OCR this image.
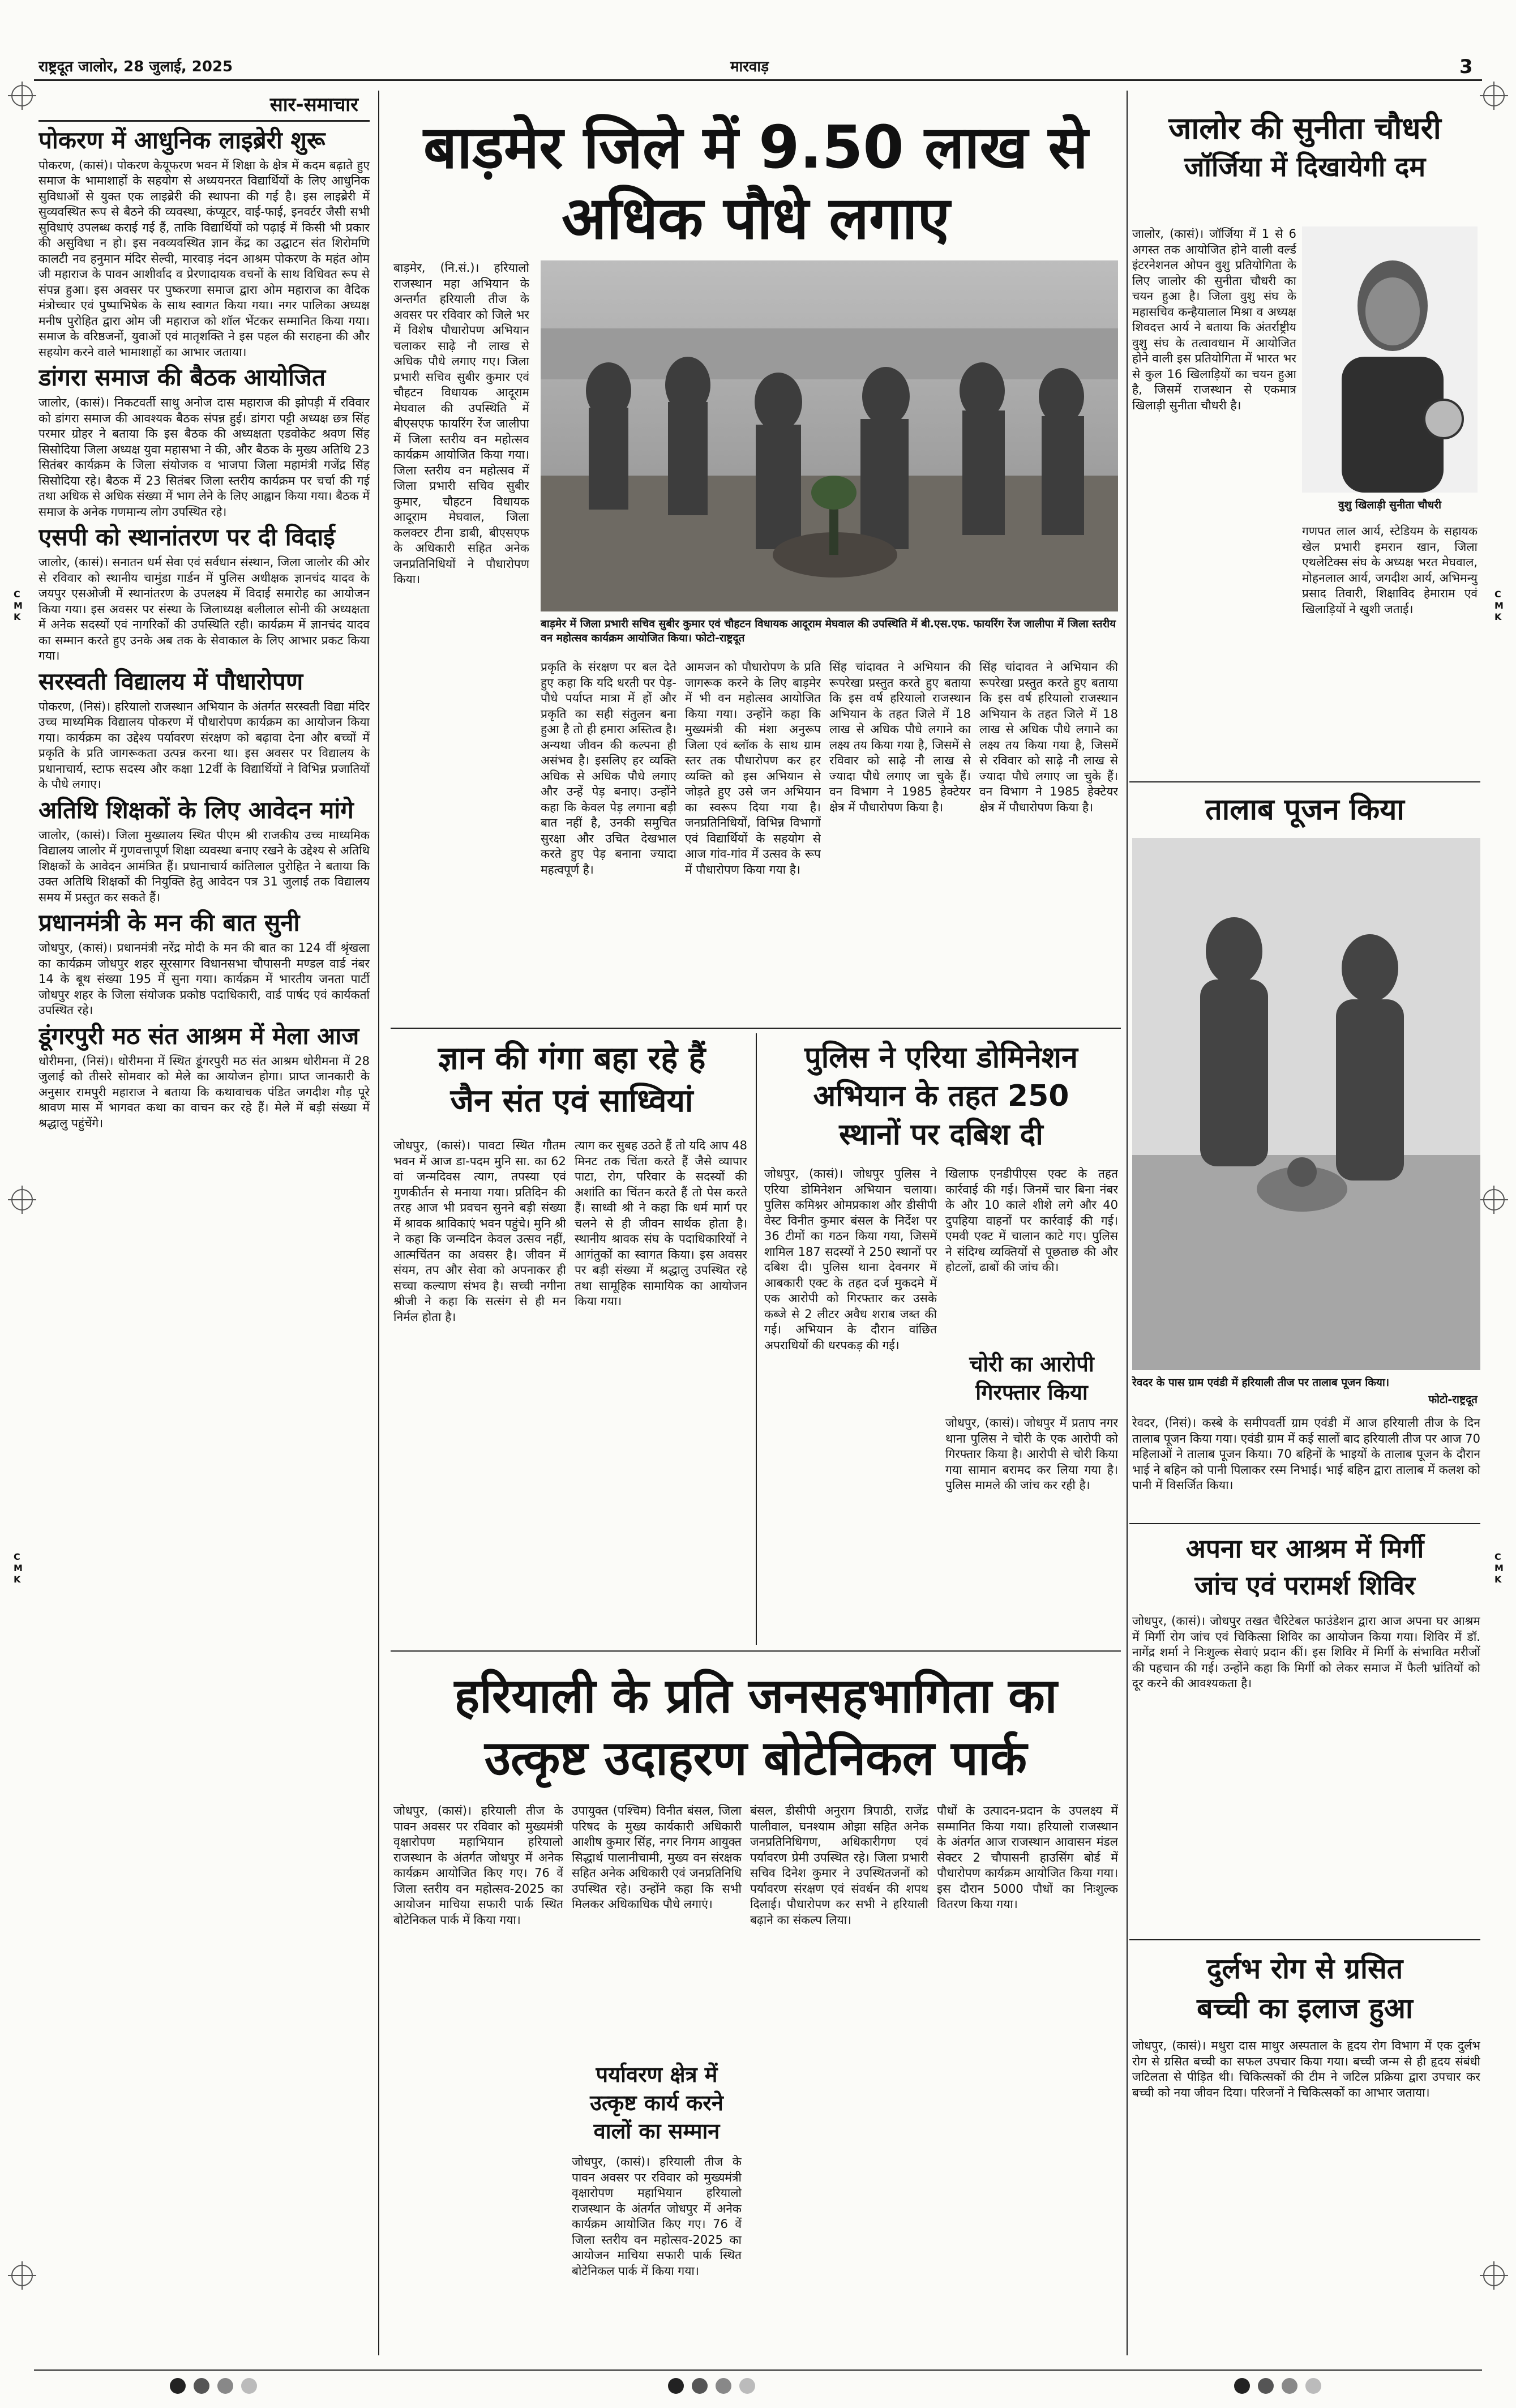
राष्ट्रदूत जालोर, 28 जुलाई, 2025	मारवाड़	3
C M K
C M K
C M K
C M K
सार-समाचार
पोकरण में आधुनिक लाइब्रेरी शुरू

पोकरण, (कासं)। पोकरण केयूफरण भवन में शिक्षा के क्षेत्र में कदम बढ़ाते हुए समाज के भामाशाहों के सहयोग से अध्ययनरत विद्यार्थियों के लिए आधुनिक सुविधाओं से युक्त एक लाइब्रेरी की स्थापना की गई है। इस लाइब्रेरी में सुव्यवस्थित रूप से बैठने की व्यवस्था, कंप्यूटर, वाई-फाई, इनवर्टर जैसी सभी सुविधाएं उपलब्ध कराई गई हैं, ताकि विद्यार्थियों को पढ़ाई में किसी भी प्रकार की असुविधा न हो। इस नवव्यवस्थित ज्ञान केंद्र का उद्घाटन संत शिरोमणि कालटी नव हनुमान मंदिर सेल्वी, मारवाड़ नंदन आश्रम पोकरण के महंत ओम जी महाराज के पावन आशीर्वाद व प्रेरणादायक वचनों के साथ विधिवत रूप से संपन्न हुआ। इस अवसर पर पुष्करणा समाज द्वारा ओम महाराज का वैदिक मंत्रोच्चार एवं पुष्पाभिषेक के साथ स्वागत किया गया। नगर पालिका अध्यक्ष मनीष पुरोहित द्वारा ओम जी महाराज को शॉल भेंटकर सम्मानित किया गया। समाज के वरिष्ठजनों, युवाओं एवं मातृशक्ति ने इस पहल की सराहना की और सहयोग करने वाले भामाशाहों का आभार जताया।

डांगरा समाज की बैठक आयोजित

जालोर, (कासं)। निकटवर्ती साथु अनोज दास महाराज की झोपड़ी में रविवार को डांगरा समाज की आवश्यक बैठक संपन्न हुई। डांगरा पट्टी अध्यक्ष छत्र सिंह परमार ग्रोहर ने बताया कि इस बैठक की अध्यक्षता एडवोकेट श्रवण सिंह सिसोदिया जिला अध्यक्ष युवा महासभा ने की, और बैठक के मुख्य अतिथि 23 सितंबर कार्यक्रम के जिला संयोजक व भाजपा जिला महामंत्री गजेंद्र सिंह सिसोदिया रहे। बैठक में 23 सितंबर जिला स्तरीय कार्यक्रम पर चर्चा की गई तथा अधिक से अधिक संख्या में भाग लेने के लिए आह्वान किया गया। बैठक में समाज के अनेक गणमान्य लोग उपस्थित रहे।

एसपी को स्थानांतरण पर दी विदाई

जालोर, (कासं)। सनातन धर्म सेवा एवं सर्वधान संस्थान, जिला जालोर की ओर से रविवार को स्थानीय चामुंडा गार्डन में पुलिस अधीक्षक ज्ञानचंद यादव के जयपुर एसओजी में स्थानांतरण के उपलक्ष्य में विदाई समारोह का आयोजन किया गया। इस अवसर पर संस्था के जिलाध्यक्ष बलीलाल सोनी की अध्यक्षता में अनेक सदस्यों एवं नागरिकों की उपस्थिति रही। कार्यक्रम में ज्ञानचंद यादव का सम्मान करते हुए उनके अब तक के सेवाकाल के लिए आभार प्रकट किया गया।

सरस्वती विद्यालय में पौधारोपण

पोकरण, (निसं)। हरियालो राजस्थान अभियान के अंतर्गत सरस्वती विद्या मंदिर उच्च माध्यमिक विद्यालय पोकरण में पौधारोपण कार्यक्रम का आयोजन किया गया। कार्यक्रम का उद्देश्य पर्यावरण संरक्षण को बढ़ावा देना और बच्चों में प्रकृति के प्रति जागरूकता उत्पन्न करना था। इस अवसर पर विद्यालय के प्रधानाचार्य, स्टाफ सदस्य और कक्षा 12वीं के विद्यार्थियों ने विभिन्न प्रजातियों के पौधे लगाए।

अतिथि शिक्षकों के लिए आवेदन मांगे

जालोर, (कासं)। जिला मुख्यालय स्थित पीएम श्री राजकीय उच्च माध्यमिक विद्यालय जालोर में गुणवत्तापूर्ण शिक्षा व्यवस्था बनाए रखने के उद्देश्य से अतिथि शिक्षकों के आवेदन आमंत्रित हैं। प्रधानाचार्य कांतिलाल पुरोहित ने बताया कि उक्त अतिथि शिक्षकों की नियुक्ति हेतु आवेदन पत्र 31 जुलाई तक विद्यालय समय में प्रस्तुत कर सकते हैं।

प्रधानमंत्री के मन की बात सुनी

जोधपुर, (कासं)। प्रधानमंत्री नरेंद्र मोदी के मन की बात का 124 वीं श्रृंखला का कार्यक्रम जोधपुर शहर सूरसागर विधानसभा चौपासनी मण्डल वार्ड नंबर 14 के बूथ संख्या 195 में सुना गया। कार्यक्रम में भारतीय जनता पार्टी जोधपुर शहर के जिला संयोजक प्रकोष्ठ पदाधिकारी, वार्ड पार्षद एवं कार्यकर्ता उपस्थित रहे।

डूंगरपुरी मठ संत आश्रम में मेला आज

धोरीमना, (निसं)। धोरीमना में स्थित डूंगरपुरी मठ संत आश्रम धोरीमना में 28 जुलाई को तीसरे सोमवार को मेले का आयोजन होगा। प्राप्त जानकारी के अनुसार रामपुरी महाराज ने बताया कि कथावाचक पंडित जगदीश गौड़ पूरे श्रावण मास में भागवत कथा का वाचन कर रहे हैं। मेले में बड़ी संख्या में श्रद्धालु पहुंचेंगे।

बाड़मेर जिले में 9.50 लाख से
अधिक पौधे लगाए

बाड़मेर, (नि.सं.)। हरियालो राजस्थान महा अभियान के अन्तर्गत हरियाली तीज के अवसर पर रविवार को जिले भर में विशेष पौधारोपण अभियान चलाकर साढ़े नौ लाख से अधिक पौधे लगाए गए। जिला प्रभारी सचिव सुबीर कुमार एवं चौहटन विधायक आदूराम मेघवाल की उपस्थिति में बीएसएफ फायरिंग रेंज जालीपा में जिला स्तरीय वन महोत्सव कार्यक्रम आयोजित किया गया। जिला स्तरीय वन महोत्सव में जिला प्रभारी सचिव सुबीर कुमार, चौहटन विधायक आदूराम मेघवाल, जिला कलक्टर टीना डाबी, बीएसएफ के अधिकारी सहित अनेक जनप्रतिनिधियों ने पौधारोपण किया।

बाड़मेर में जिला प्रभारी सचिव सुबीर कुमार एवं चौहटन विधायक आदूराम मेघवाल की उपस्थिति में बी.एस.एफ. फायरिंग रेंज जालीपा में जिला स्तरीय वन महोत्सव कार्यक्रम आयोजित किया। फोटो-राष्ट्रदूत

प्रकृति के संरक्षण पर बल देते हुए कहा कि यदि धरती पर पेड़-पौधे पर्याप्त मात्रा में हों और प्रकृति का सही संतुलन बना हुआ है तो ही हमारा अस्तित्व है। अन्यथा जीवन की कल्पना ही असंभव है। इसलिए हर व्यक्ति अधिक से अधिक पौधे लगाए और उन्हें पेड़ बनाए। उन्होंने कहा कि केवल पेड़ लगाना बड़ी बात नहीं है, उनकी समुचित सुरक्षा और उचित देखभाल करते हुए पेड़ बनाना ज्यादा महत्वपूर्ण है।

आमजन को पौधारोपण के प्रति जागरूक करने के लिए बाड़मेर में भी वन महोत्सव आयोजित किया गया। उन्होंने कहा कि मुख्यमंत्री की मंशा अनुरूप जिला एवं ब्लॉक के साथ ग्राम स्तर तक पौधारोपण कर हर व्यक्ति को इस अभियान से जोड़ते हुए उसे जन अभियान का स्वरूप दिया गया है। जनप्रतिनिधियों, विभिन्न विभागों एवं विद्यार्थियों के सहयोग से आज गांव-गांव में उत्सव के रूप में पौधारोपण किया गया है।

सिंह चांदावत ने अभियान की रूपरेखा प्रस्तुत करते हुए बताया कि इस वर्ष हरियालो राजस्थान अभियान के तहत जिले में 18 लाख से अधिक पौधे लगाने का लक्ष्य तय किया गया है, जिसमें से रविवार को साढ़े नौ लाख से ज्यादा पौधे लगाए जा चुके हैं। वन विभाग ने 1985 हेक्टेयर क्षेत्र में पौधारोपण किया है।

सिंह चांदावत ने अभियान की रूपरेखा प्रस्तुत करते हुए बताया कि इस वर्ष हरियालो राजस्थान अभियान के तहत जिले में 18 लाख से अधिक पौधे लगाने का लक्ष्य तय किया गया है, जिसमें से रविवार को साढ़े नौ लाख से ज्यादा पौधे लगाए जा चुके हैं। वन विभाग ने 1985 हेक्टेयर क्षेत्र में पौधारोपण किया है।

ज्ञान की गंगा बहा रहे हैं
जैन संत एवं साध्वियां

जोधपुर, (कासं)। पावटा स्थित गौतम भवन में आज डा-पदम मुनि सा. का 62 वां जन्मदिवस त्याग, तपस्या एवं गुणकीर्तन से मनाया गया। प्रतिदिन की तरह आज भी प्रवचन सुनने बड़ी संख्या में श्रावक श्राविकाएं भवन पहुंचे। मुनि श्री ने कहा कि जन्मदिन केवल उत्सव नहीं, आत्मचिंतन का अवसर है। जीवन में संयम, तप और सेवा को अपनाकर ही सच्चा कल्याण संभव है। सच्ची नगीना श्रीजी ने कहा कि सत्संग से ही मन निर्मल होता है।

त्याग कर सुबह उठते हैं तो यदि आप 48 मिनट तक चिंता करते हैं जैसे व्यापार पाटा, रोग, परिवार के सदस्यों की अशांति का चिंतन करते हैं तो पेस करते हैं। साध्वी श्री ने कहा कि धर्म मार्ग पर चलने से ही जीवन सार्थक होता है। स्थानीय श्रावक संघ के पदाधिकारियों ने आगंतुकों का स्वागत किया। इस अवसर पर बड़ी संख्या में श्रद्धालु उपस्थित रहे तथा सामूहिक सामायिक का आयोजन किया गया।

पुलिस ने एरिया डोमिनेशन
अभियान के तहत 250
स्थानों पर दबिश दी

जोधपुर, (कासं)। जोधपुर पुलिस ने एरिया डोमिनेशन अभियान चलाया। पुलिस कमिश्नर ओमप्रकाश और डीसीपी वेस्ट विनीत कुमार बंसल के निर्देश पर 36 टीमों का गठन किया गया, जिसमें शामिल 187 सदस्यों ने 250 स्थानों पर दबिश दी। पुलिस थाना देवनगर में आबकारी एक्ट के तहत दर्ज मुकदमे में एक आरोपी को गिरफ्तार कर उसके कब्जे से 2 लीटर अवैध शराब जब्त की गई। अभियान के दौरान वांछित अपराधियों की धरपकड़ की गई।

खिलाफ एनडीपीएस एक्ट के तहत कार्रवाई की गई। जिनमें चार बिना नंबर के और 10 काले शीशे लगे और 40 दुपहिया वाहनों पर कार्रवाई की गई। एमवी एक्ट में चालान काटे गए। पुलिस ने संदिग्ध व्यक्तियों से पूछताछ की और होटलों, ढाबों की जांच की।

चोरी का आरोपी
गिरफ्तार किया

जोधपुर, (कासं)। जोधपुर में प्रताप नगर थाना पुलिस ने चोरी के एक आरोपी को गिरफ्तार किया है। आरोपी से चोरी किया गया सामान बरामद कर लिया गया है। पुलिस मामले की जांच कर रही है।

हरियाली के प्रति जनसहभागिता का
उत्कृष्ट उदाहरण बोटेनिकल पार्क

जोधपुर, (कासं)। हरियाली तीज के पावन अवसर पर रविवार को मुख्यमंत्री वृक्षारोपण महाभियान हरियालो राजस्थान के अंतर्गत जोधपुर में अनेक कार्यक्रम आयोजित किए गए। 76 वें जिला स्तरीय वन महोत्सव-2025 का आयोजन माचिया सफारी पार्क स्थित बोटेनिकल पार्क में किया गया।

उपायुक्त (पश्चिम) विनीत बंसल, जिला परिषद के मुख्य कार्यकारी अधिकारी आशीष कुमार सिंह, नगर निगम आयुक्त सिद्धार्थ पालानीचामी, मुख्य वन संरक्षक सहित अनेक अधिकारी एवं जनप्रतिनिधि उपस्थित रहे। उन्होंने कहा कि सभी मिलकर अधिकाधिक पौधे लगाएं।

पर्यावरण क्षेत्र में
उत्कृष्ट कार्य करने
वालों का सम्मान

जोधपुर, (कासं)। हरियाली तीज के पावन अवसर पर रविवार को मुख्यमंत्री वृक्षारोपण महाभियान हरियालो राजस्थान के अंतर्गत जोधपुर में अनेक कार्यक्रम आयोजित किए गए। 76 वें जिला स्तरीय वन महोत्सव-2025 का आयोजन माचिया सफारी पार्क स्थित बोटेनिकल पार्क में किया गया।

बंसल, डीसीपी अनुराग त्रिपाठी, राजेंद्र पालीवाल, घनश्याम ओझा सहित अनेक जनप्रतिनिधिगण, अधिकारीगण एवं पर्यावरण प्रेमी उपस्थित रहे। जिला प्रभारी सचिव दिनेश कुमार ने उपस्थितजनों को पर्यावरण संरक्षण एवं संवर्धन की शपथ दिलाई। पौधारोपण कर सभी ने हरियाली बढ़ाने का संकल्प लिया।

पौधों के उत्पादन-प्रदान के उपलक्ष्य में सम्मानित किया गया। हरियालो राजस्थान के अंतर्गत आज राजस्थान आवासन मंडल सेक्टर 2 चौपासनी हाउसिंग बोर्ड में पौधारोपण कार्यक्रम आयोजित किया गया। इस दौरान 5000 पौधों का निःशुल्क वितरण किया गया।

जालोर की सुनीता चौधरी
जॉर्जिया में दिखायेगी दम

जालोर, (कासं)। जॉर्जिया में 1 से 6 अगस्त तक आयोजित होने वाली वर्ल्ड इंटरनेशनल ओपन वुशु प्रतियोगिता के लिए जालोर की सुनीता चौधरी का चयन हुआ है। जिला वुशु संघ के महासचिव कन्हैयालाल मिश्रा व अध्यक्ष शिवदत्त आर्य ने बताया कि अंतर्राष्ट्रीय वुशु संघ के तत्वावधान में आयोजित होने वाली इस प्रतियोगिता में भारत भर से कुल 16 खिलाड़ियों का चयन हुआ है, जिसमें राजस्थान से एकमात्र खिलाड़ी सुनीता चौधरी है।

वुशु खिलाड़ी सुनीता चौधरी

गणपत लाल आर्य, स्टेडियम के सहायक खेल प्रभारी इमरान खान, जिला एथलेटिक्स संघ के अध्यक्ष भरत मेघवाल, मोहनलाल आर्य, जगदीश आर्य, अभिमन्यु प्रसाद तिवारी, शिक्षाविद हेमाराम एवं खिलाड़ियों ने खुशी जताई।

तालाब पूजन किया
रेवदर के पास ग्राम एवंडी में हरियाली तीज पर तालाब पूजन किया।
फोटो-राष्ट्रदूत

रेवदर, (निसं)। कस्बे के समीपवर्ती ग्राम एवंडी में आज हरियाली तीज के दिन तालाब पूजन किया गया। एवंडी ग्राम में कई सालों बाद हरियाली तीज पर आज 70 महिलाओं ने तालाब पूजन किया। 70 बहिनों के भाइयों के तालाब पूजन के दौरान भाई ने बहिन को पानी पिलाकर रस्म निभाई। भाई बहिन द्वारा तालाब में कलश को पानी में विसर्जित किया।

अपना घर आश्रम में मिर्गी
जांच एवं परामर्श शिविर

जोधपुर, (कासं)। जोधपुर तखत चैरिटेबल फाउंडेशन द्वारा आज अपना घर आश्रम में मिर्गी रोग जांच एवं चिकित्सा शिविर का आयोजन किया गया। शिविर में डॉ. नागेंद्र शर्मा ने निःशुल्क सेवाएं प्रदान कीं। इस शिविर में मिर्गी के संभावित मरीजों की पहचान की गई। उन्होंने कहा कि मिर्गी को लेकर समाज में फैली भ्रांतियों को दूर करने की आवश्यकता है।

दुर्लभ रोग से ग्रसित
बच्ची का इलाज हुआ

जोधपुर, (कासं)। मथुरा दास माथुर अस्पताल के हृदय रोग विभाग में एक दुर्लभ रोग से ग्रसित बच्ची का सफल उपचार किया गया। बच्ची जन्म से ही हृदय संबंधी जटिलता से पीड़ित थी। चिकित्सकों की टीम ने जटिल प्रक्रिया द्वारा उपचार कर बच्ची को नया जीवन दिया। परिजनों ने चिकित्सकों का आभार जताया।
